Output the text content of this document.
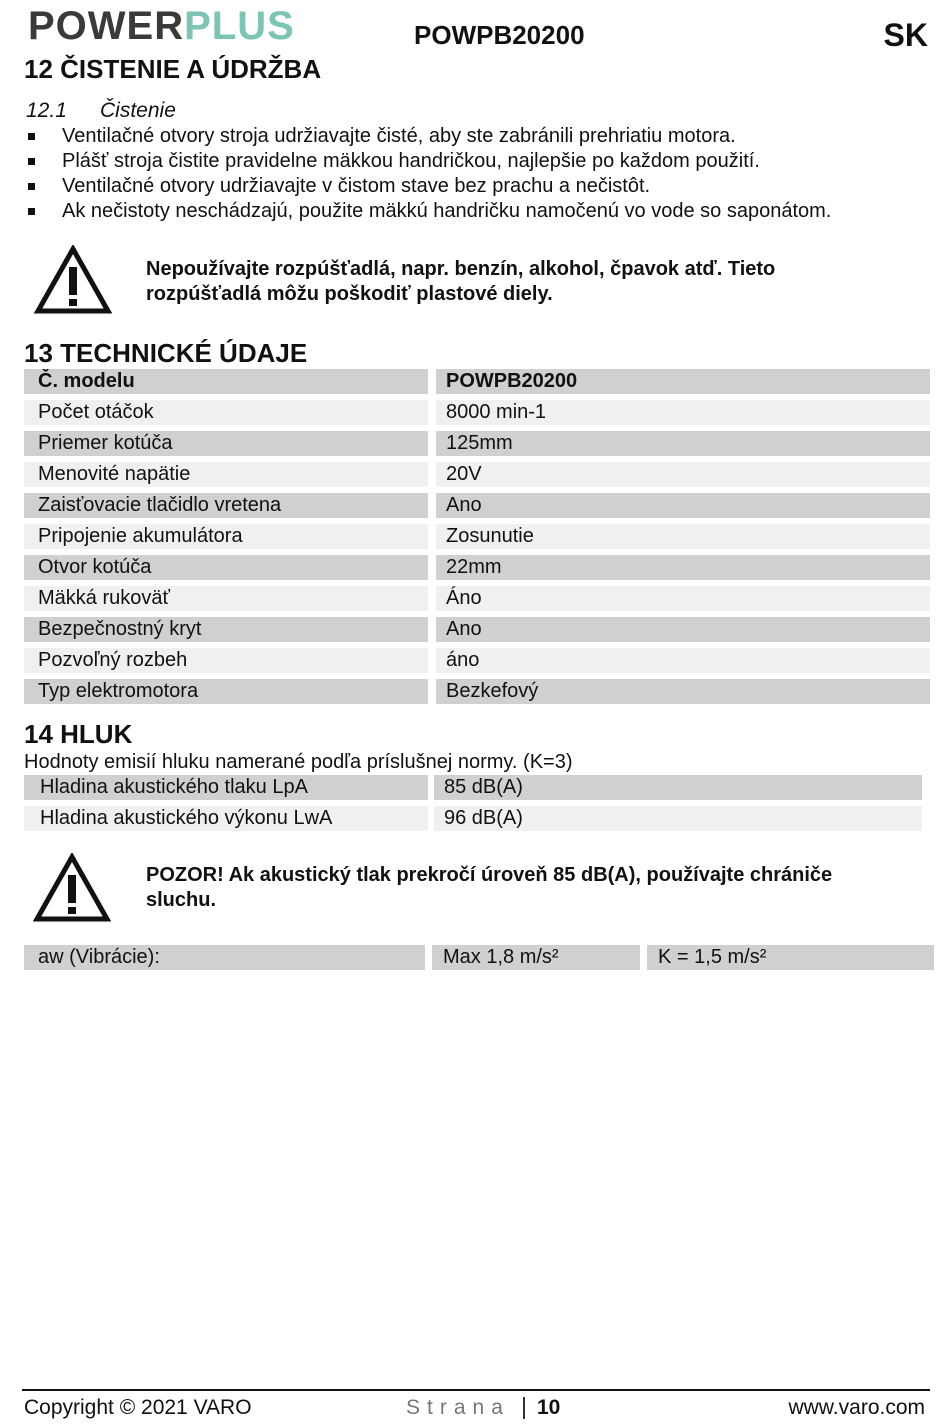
POWERPLUS	POWPB20200	SK
12 ČISTENIE A ÚDRŽBA
12.1 Čistenie
Ventilačné otvory stroja udržiavajte čisté, aby ste zabránili prehriatiu motora.
Plášť stroja čistite pravidelne mäkkou handričkou, najlepšie po každom použití.
Ventilačné otvory udržiavajte v čistom stave bez prachu a nečistôt.
Ak nečistoty neschádzajú, použite mäkkú handričku namočenú vo vode so saponátom.
Nepoužívajte rozpúšťadlá, napr. benzín, alkohol, čpavok atď. Tieto
rozpúšťadlá môžu poškodiť plastové diely.
13 TECHNICKÉ ÚDAJE
Č. modelu	POWPB20200
Počet otáčok	8000 min-1
Priemer kotúča	125mm
Menovité napätie	20V
Zaisťovacie tlačidlo vretena	Ano
Pripojenie akumulátora	Zosunutie
Otvor kotúča	22mm
Mäkká rukoväť	Áno
Bezpečnostný kryt	Ano
Pozvoľný rozbeh	áno
Typ elektromotora	Bezkefový
14 HLUK
Hodnoty emisií hluku namerané podľa príslušnej normy. (K=3)
Hladina akustického tlaku LpA	85 dB(A)
Hladina akustického výkonu LwA	96 dB(A)
POZOR! Ak akustický tlak prekročí úroveň 85 dB(A), používajte chrániče
sluchu.
aw (Vibrácie):	Max 1,8 m/s²	K = 1,5 m/s²
Copyright © 2021 VARO	Strana 10	www.varo.com
